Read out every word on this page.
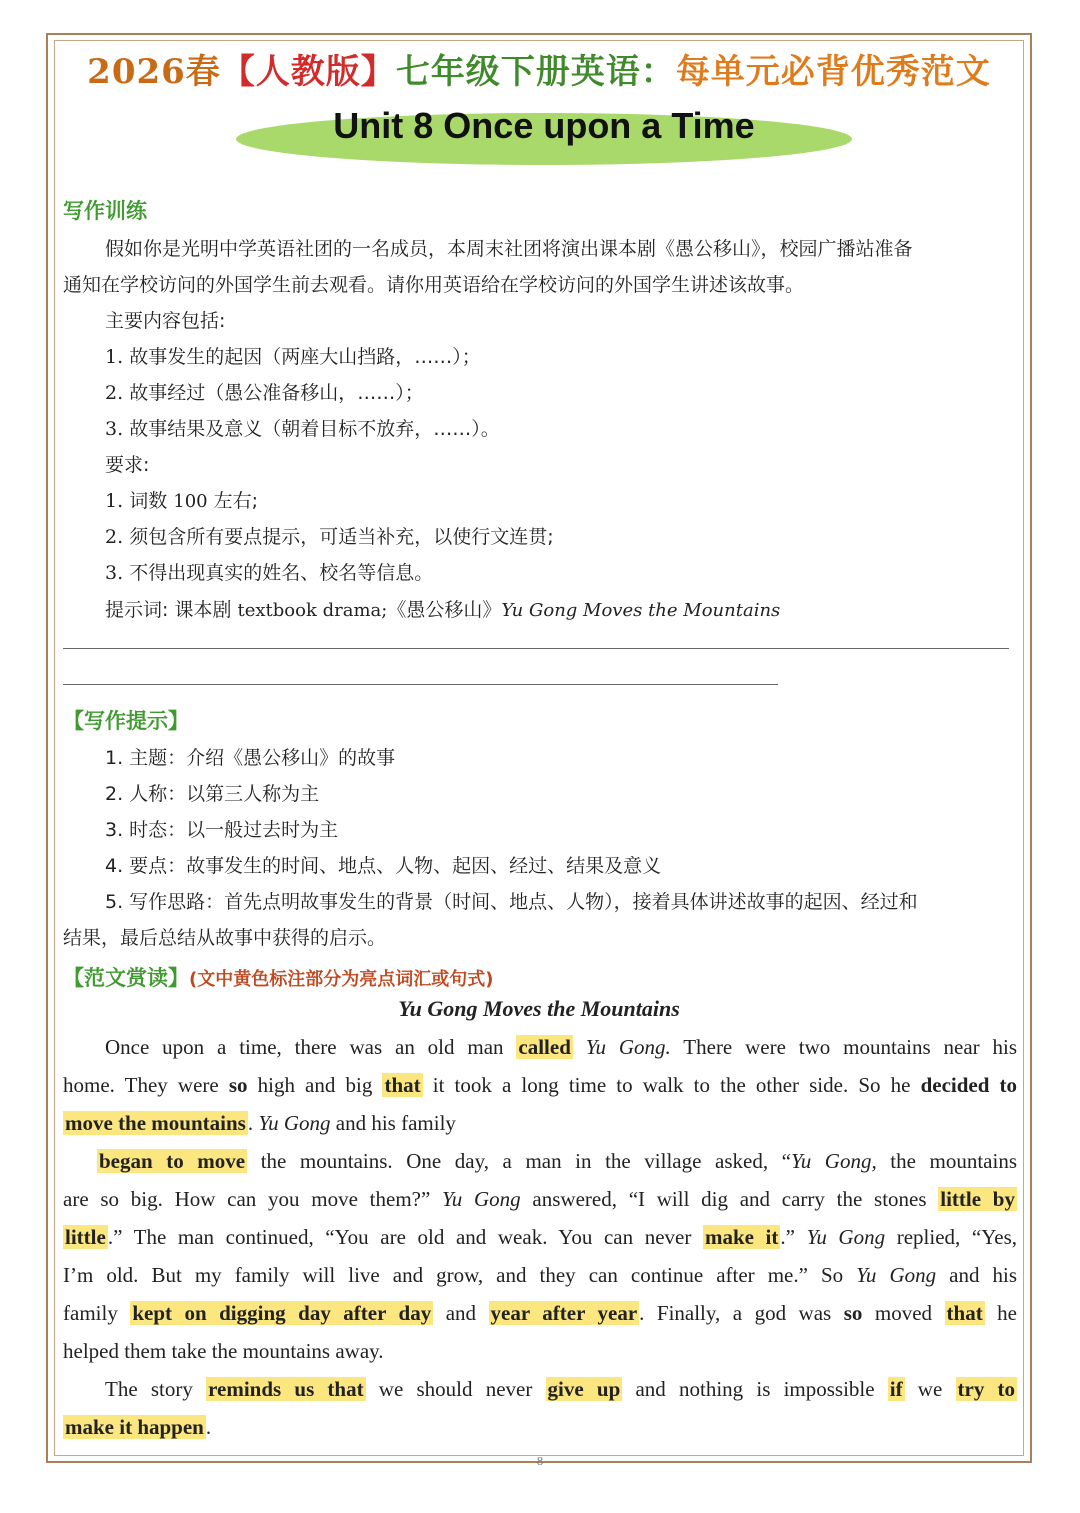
2026春【人教版】七年级下册英语：每单元必背优秀范文
Unit 8 Once upon a Time
写作训练
假如你是光明中学英语社团的一名成员，本周末社团将演出课本剧《愚公移山》，校园广播站准备
通知在学校访问的外国学生前去观看。请你用英语给在学校访问的外国学生讲述该故事。
主要内容包括:
1. 故事发生的起因（两座大山挡路，……）；
2. 故事经过（愚公准备移山，……）；
3. 故事结果及意义（朝着目标不放弃，……）。
要求:
1. 词数 100 左右;
2. 须包含所有要点提示，可适当补充，以使行文连贯;
3. 不得出现真实的姓名、校名等信息。
提示词: 课本剧 textbook drama;《愚公移山》Yu Gong Moves the Mountains
【写作提示】
1. 主题：介绍《愚公移山》的故事
2. 人称：以第三人称为主
3. 时态：以一般过去时为主
4. 要点：故事发生的时间、地点、人物、起因、经过、结果及意义
5. 写作思路：首先点明故事发生的背景（时间、地点、人物），接着具体讲述故事的起因、经过和
结果，最后总结从故事中获得的启示。
【范文赏读】(文中黄色标注部分为亮点词汇或句式)
Yu Gong Moves the Mountains
Once upon a time, there was an old man called Yu Gong. There were two mountains near his
home. They were so high and big that it took a long time to walk to the other side. So he decided to
move the mountains. Yu Gong and his family
began to move the mountains. One day, a man in the village asked, “Yu Gong, the mountains
are so big. How can you move them?” Yu Gong answered, “I will dig and carry the stones little by
little.” The man continued, “You are old and weak. You can never make it.” Yu Gong replied, “Yes,
I’m old. But my family will live and grow, and they can continue after me.” So Yu Gong and his
family kept on digging day after day and year after year. Finally, a god was so moved that he
helped them take the mountains away.
The story reminds us that we should never give up and nothing is impossible if we try to
make it happen.
8
